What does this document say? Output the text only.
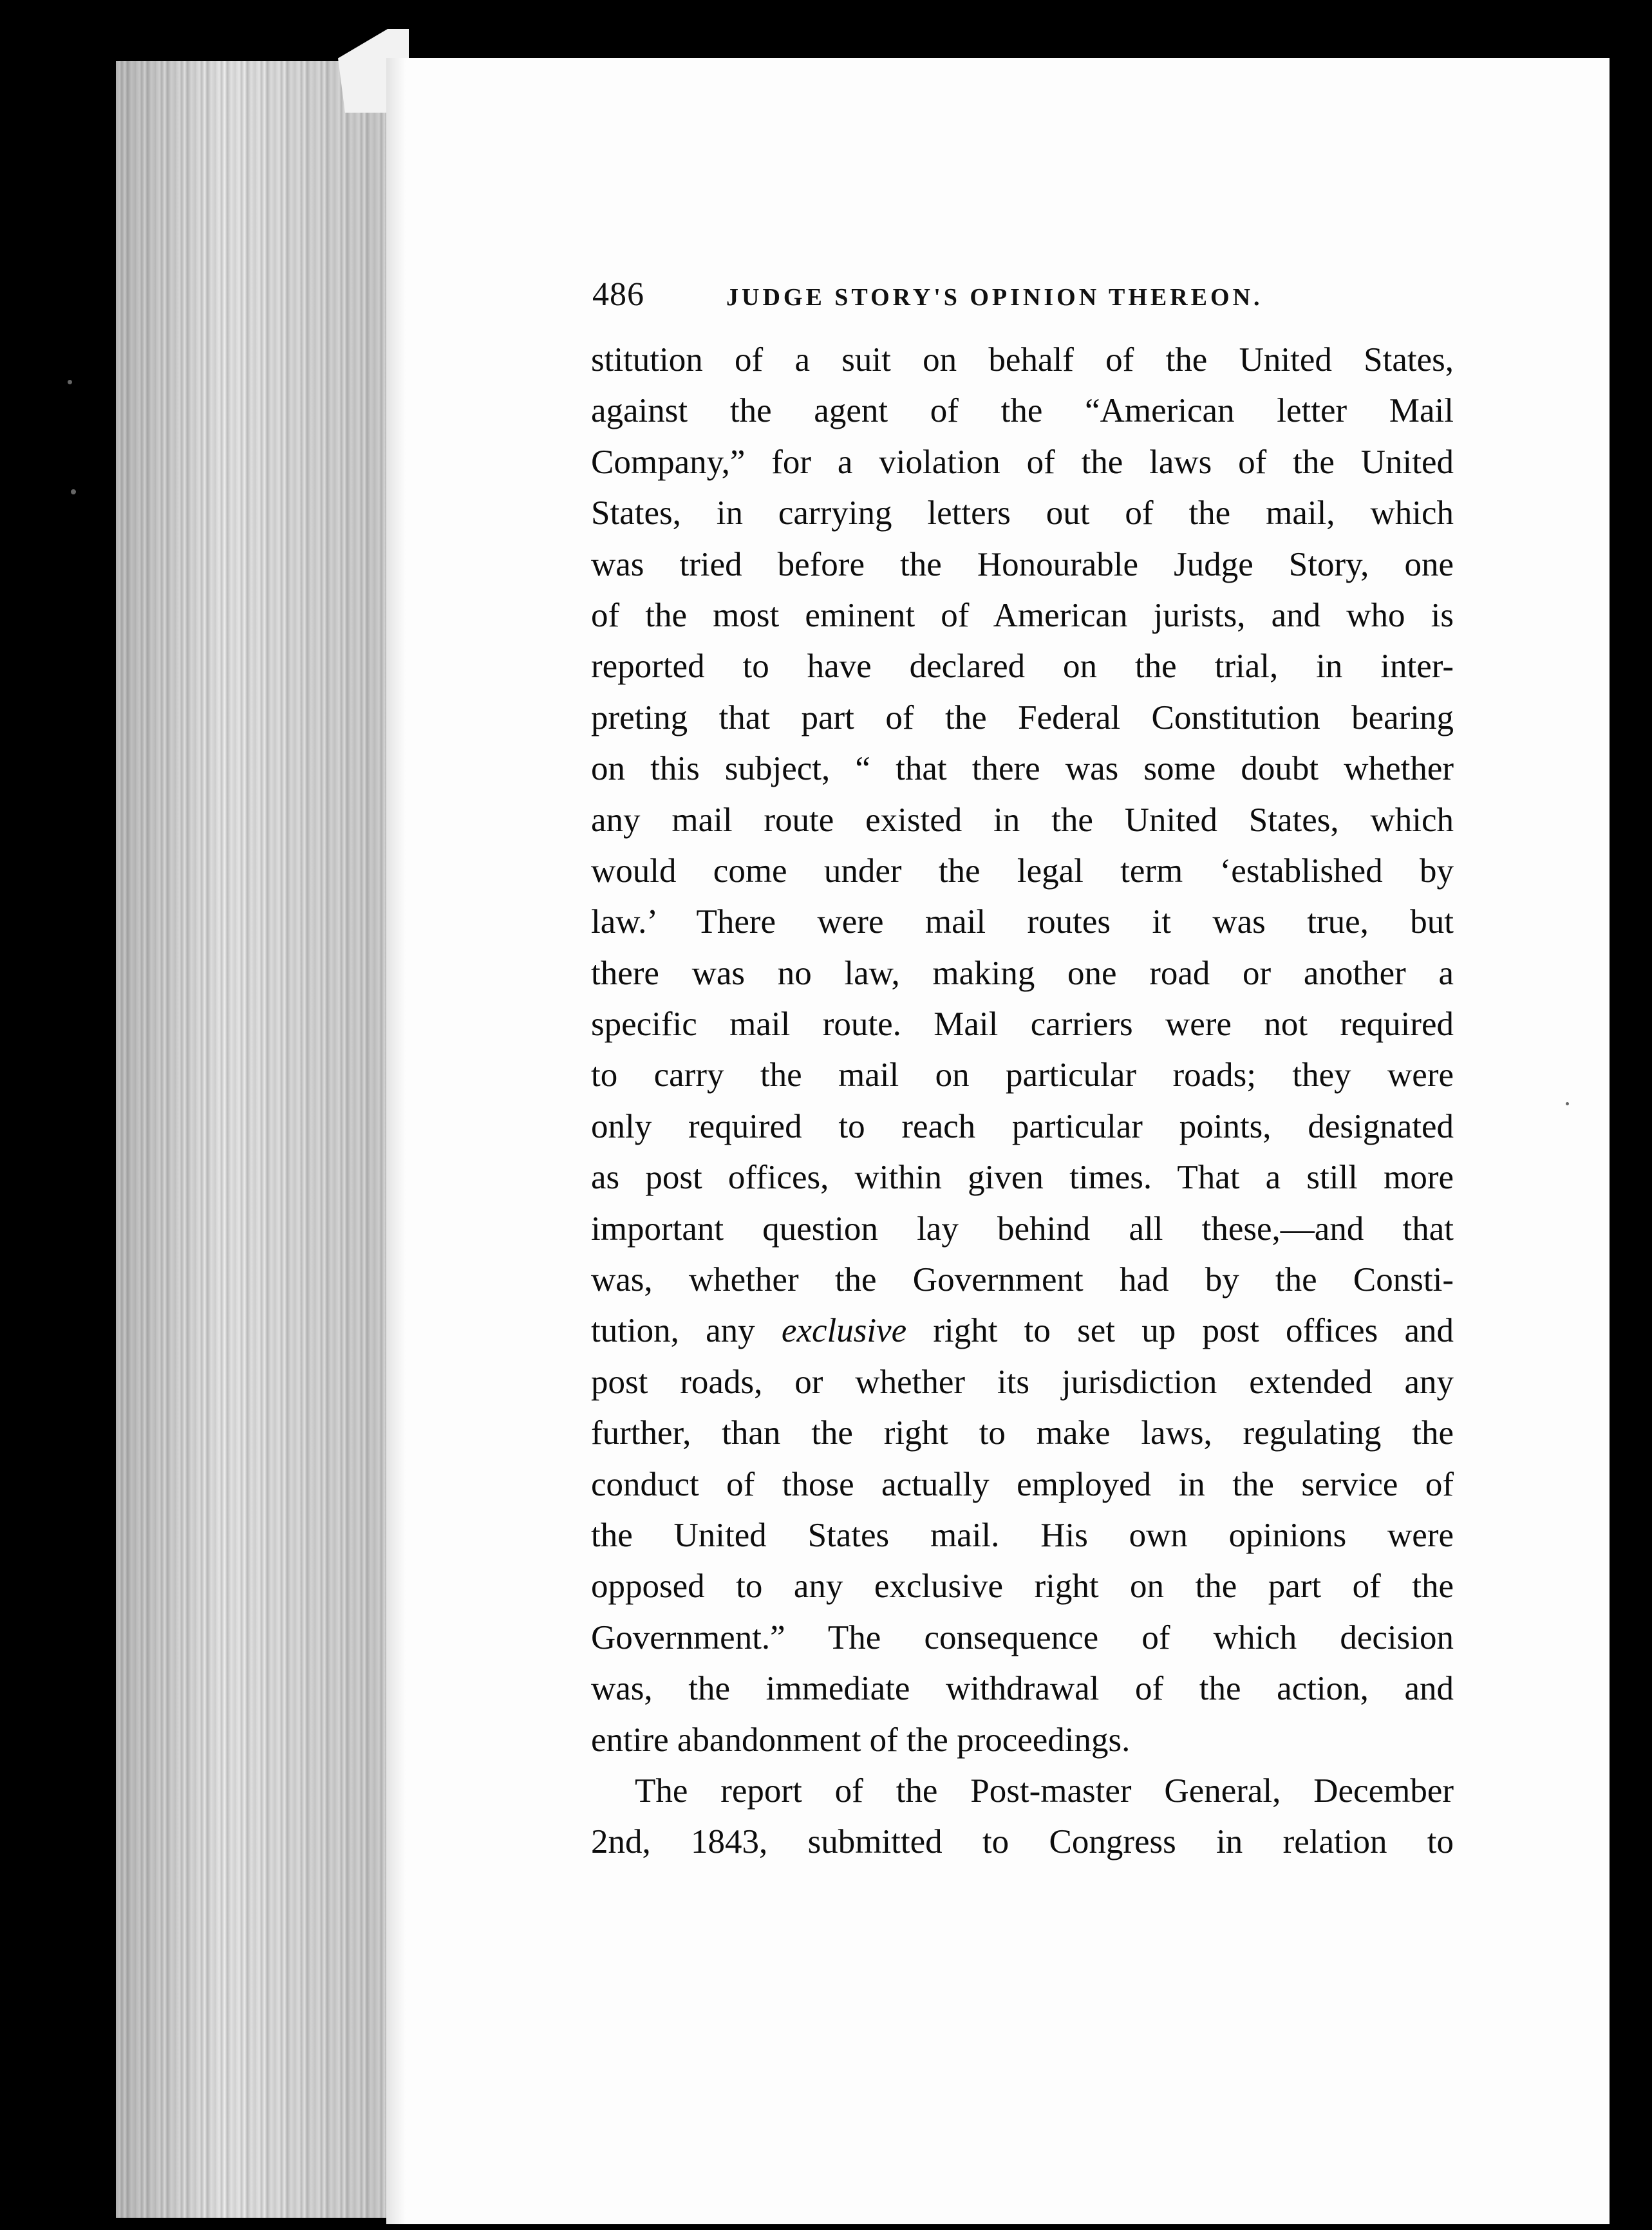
486	JUDGE STORY'S OPINION THEREON.
stitution of a suit on behalf of the United States,
against the agent of the “American letter Mail
Company,” for a violation of the laws of the United
States, in carrying letters out of the mail, which
was tried before the Honourable Judge Story, one
of the most eminent of American jurists, and who is
reported to have declared on the trial, in inter-
preting that part of the Federal Constitution bearing
on this subject, “ that there was some doubt whether
any mail route existed in the United States, which
would come under the legal term ‘established by
law.’ There were mail routes it was true, but
there was no law, making one road or another a
specific mail route. Mail carriers were not required
to carry the mail on particular roads; they were
only required to reach particular points, designated
as post offices, within given times. That a still more
important question lay behind all these,—and that
was, whether the Government had by the Consti-
tution, any exclusive right to set up post offices and
post roads, or whether its jurisdiction extended any
further, than the right to make laws, regulating the
conduct of those actually employed in the service of
the United States mail. His own opinions were
opposed to any exclusive right on the part of the
Government.” The consequence of which decision
was, the immediate withdrawal of the action, and
entire abandonment of the proceedings.
The report of the Post-master General, December
2nd, 1843, submitted to Congress in relation to
